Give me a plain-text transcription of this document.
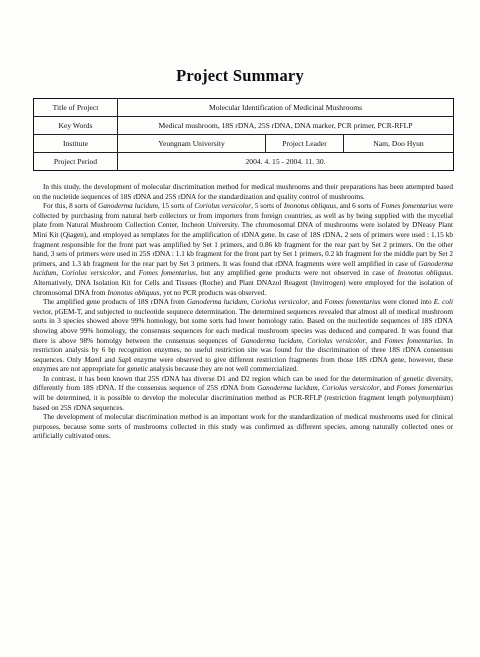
Project Summary
Title of Project	Molecular Identification of Medicinal Mushrooms		
Key Words	Medical mushroom, 18S rDNA, 25S rDNA, DNA marker, PCR primer, PCR-RFLP		
Institute	Yeungnam University	Project Leader	Nam, Doo Hyun
Project Period	2004. 4. 15 - 2004. 11. 30.		

In this study, the development of molecular discrimination method for medical mushrooms and their preparations has been attempted based on the nucletide sequences of 18S rDNA and 25S rDNA for the standardization and quality control of mushrooms.

For this, 8 sorts of Ganoderma lucidum, 15 sorts of Coriolus versicolor, 5 sorts of Inonotus obliquus, and 6 sorts of Fomes fomentarius were collected by purchasing from natural herb collectors or from importers from foreign countries, as well as by being supplied with the mycelial plate from Natural Mushroom Collection Center, Incheon University. The chromosomal DNA of mushrooms were isolated by DNeasy Plant Mini Kit (Qiagen), and employed as templates for the amplification of rDNA gene. In case of 18S rDNA, 2 sets of primers were used : 1.15 kb fragment responsible for the front part was amplified by Set 1 primers, and 0.86 kb fragment for the rear part by Set 2 primers. On the other hand, 3 sets of primers were used in 25S rDNA : 1.1 kb fragment for the front part by Set 1 primers, 0.2 kb fragment for the middle part by Set 2 primers, and 1.3 kb fragment for the rear part by Set 3 primers. It was found that rDNA fragments were well amplified in case of Ganoderma lucidum, Coriolus versicolor, and Fomes fomentarius, but any amplified gene products were not observed in case of Inonotus obliquus. Alternatively, DNA Isolation Kit for Cells and Tissues (Roche) and Plant DNAzol Reagent (Invitrogen) were employed for the isolation of chromosomal DNA from Inonotus obliquus, yet no PCR products was observed.

The amplified gene products of 18S rDNA from Ganoderma lucidum, Coriolus versicolor, and Fomes fomentarius were cloned into E. coli vector, pGEM-T, and subjected to nucleotide sequnece determination. The determined sequences revealed that almost all of medical mushroom sorts in 3 species showed above 99% homology, but some sorts had lower homology ratio. Based on the nucleotide sequences of 18S rDNA showing above 99% homology, the consensus sequences for each medical mushroom species was deduced and compared. It was found that there is above 98% homolgy between the consensus sequences of Ganoderma lucidum, Coriolus versicolor, and Fomes fomentarius. In restriction analysis by 6 bp recognition enzymes, no useful restriction site was found for the discrimination of three 18S rDNA consensus sequences. Only MamI and SapI enzyme were observed to give different restriction fragments from those 18S rDNA gene, however, these enzymes are not appropriate for genetic analysis because they are not well commercialized.

In contrast, it has been known that 25S rDNA has diverse D1 and D2 region which can be used for the determination of genetic diversity, differently from 18S rDNA. If the consensus sequence of 25S rDNA from Ganoderma lucidum, Coriolus versicolor, and Fomes fomentarius will be determined, it is possible to develop the molecular discrimination method as PCR-RFLP (restriction fragment length polymorphism) based on 25S rDNA sequences.

The development of molecular discrimination method is an important work for the standardization of medical mushrooms used for clinical purposes, because some sorts of mushrooms collected in this study was confirmed as different species, among naturally collected ones or artificially cultivated ones.
